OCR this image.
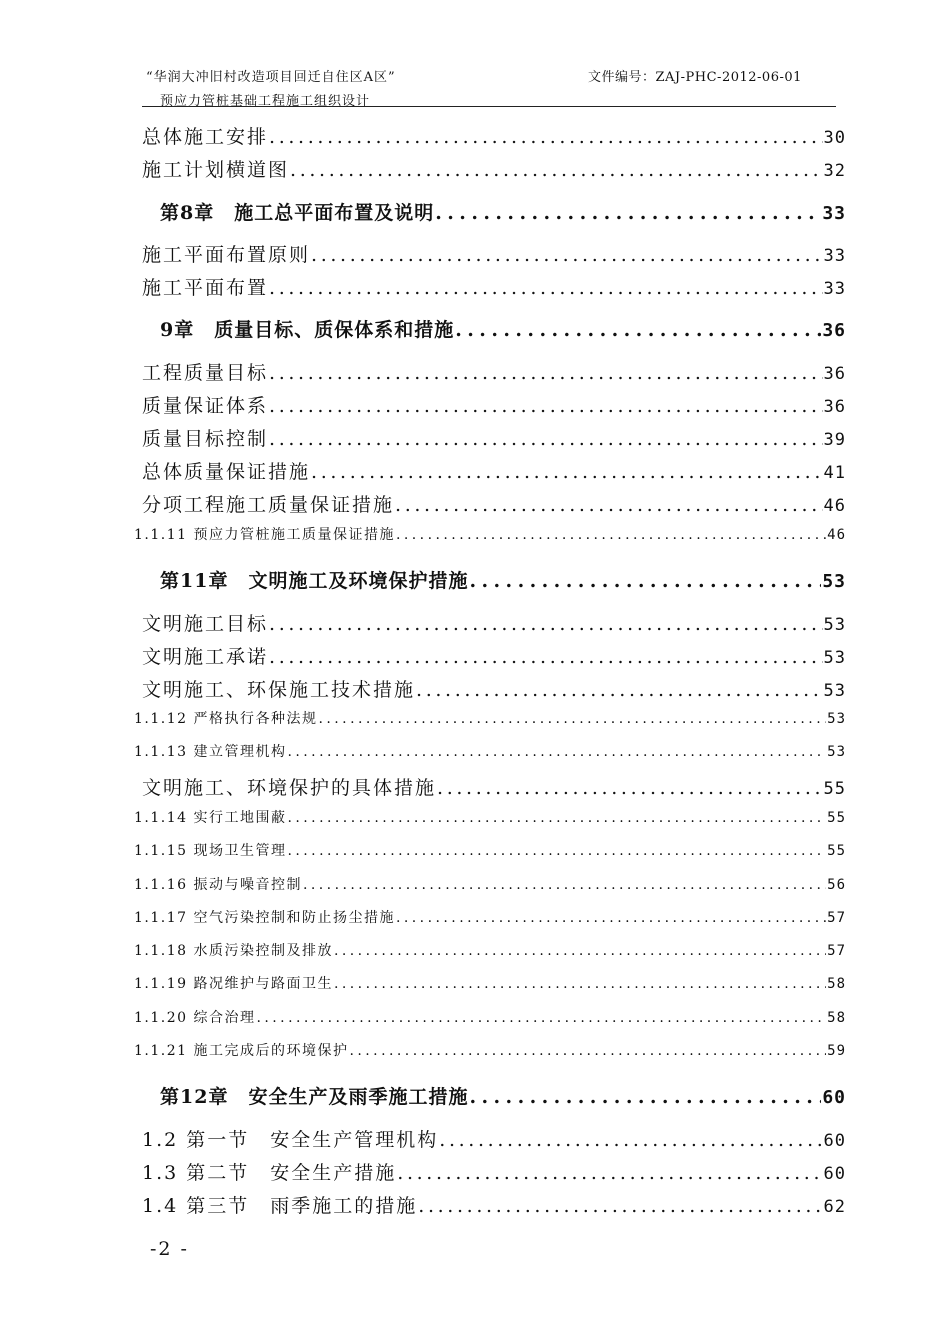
“华润大冲旧村改造项目回迁自住区A区”
预应力管桩基础工程施工组织设计
文件编号：ZAJ-PHC-2012-06-01
总体施工安排 . . .	30
施工计划横道图 . . .	32
第8章　施工总平面布置及说明 . . .	33
施工平面布置原则 . . .	33
施工平面布置 . . .	33
9章　质量目标、质保体系和措施 . . .	36
工程质量目标 . . .	36
质量保证体系 . . .	36
质量目标控制 . . .	39
总体质量保证措施 . . .	41
分项工程施工质量保证措施 . . .	46
1.1.11 预应力管桩施工质量保证措施 . . .	46
第11章　文明施工及环境保护措施 . . .	53
文明施工目标 . . .	53
文明施工承诺 . . .	53
文明施工、环保施工技术措施 . . .	53
1.1.12 严格执行各种法规 . . .	53
1.1.13 建立管理机构 . . .	53
文明施工、环境保护的具体措施 . . .	55
1.1.14 实行工地围蔽 . . .	55
1.1.15 现场卫生管理 . . .	55
1.1.16 振动与噪音控制 . . .	56
1.1.17 空气污染控制和防止扬尘措施 . . .	57
1.1.18 水质污染控制及排放 . . .	57
1.1.19 路况维护与路面卫生 . . .	58
1.1.20 综合治理 . . .	58
1.1.21 施工完成后的环境保护 . . .	59
第12章　安全生产及雨季施工措施 . . .	60
1.2 第一节　安全生产管理机构 . . .	60
1.3 第二节　安全生产措施 . . .	60
1.4 第三节　雨季施工的措施 . . .	62
-2 -
